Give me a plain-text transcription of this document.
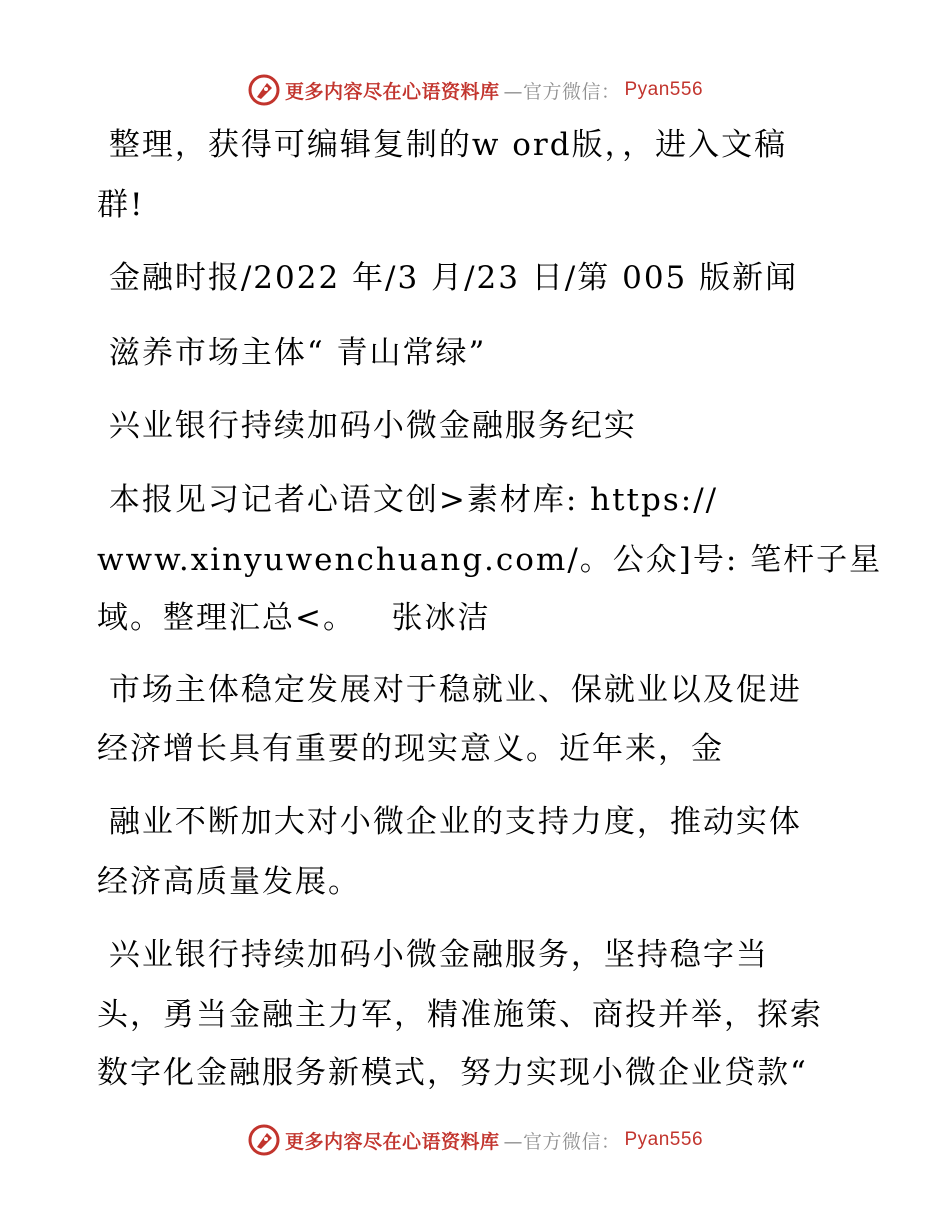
更多内容尽在心语资料库 —官方微信： Pyan556
整理，获得可编辑复制的w ord版，，进入文稿
群!
金融时报/2022 年/3 月/23 日/第 005 版新闻
滋养市场主体“ 青山常绿”
兴业银行持续加码小微金融服务纪实
本报见习记者心语文创>素材库: https://
www.xinyuwenchuang.com/。公众]号: 笔杆子星
域。整理汇总<。   张冰洁
市场主体稳定发展对于稳就业、保就业以及促进
经济增长具有重要的现实意义。近年来，金
融业不断加大对小微企业的支持力度，推动实体
经济高质量发展。
兴业银行持续加码小微金融服务，坚持稳字当
头，勇当金融主力军，精准施策、商投并举，探索
数字化金融服务新模式，努力实现小微企业贷款“
更多内容尽在心语资料库 —官方微信： Pyan556
